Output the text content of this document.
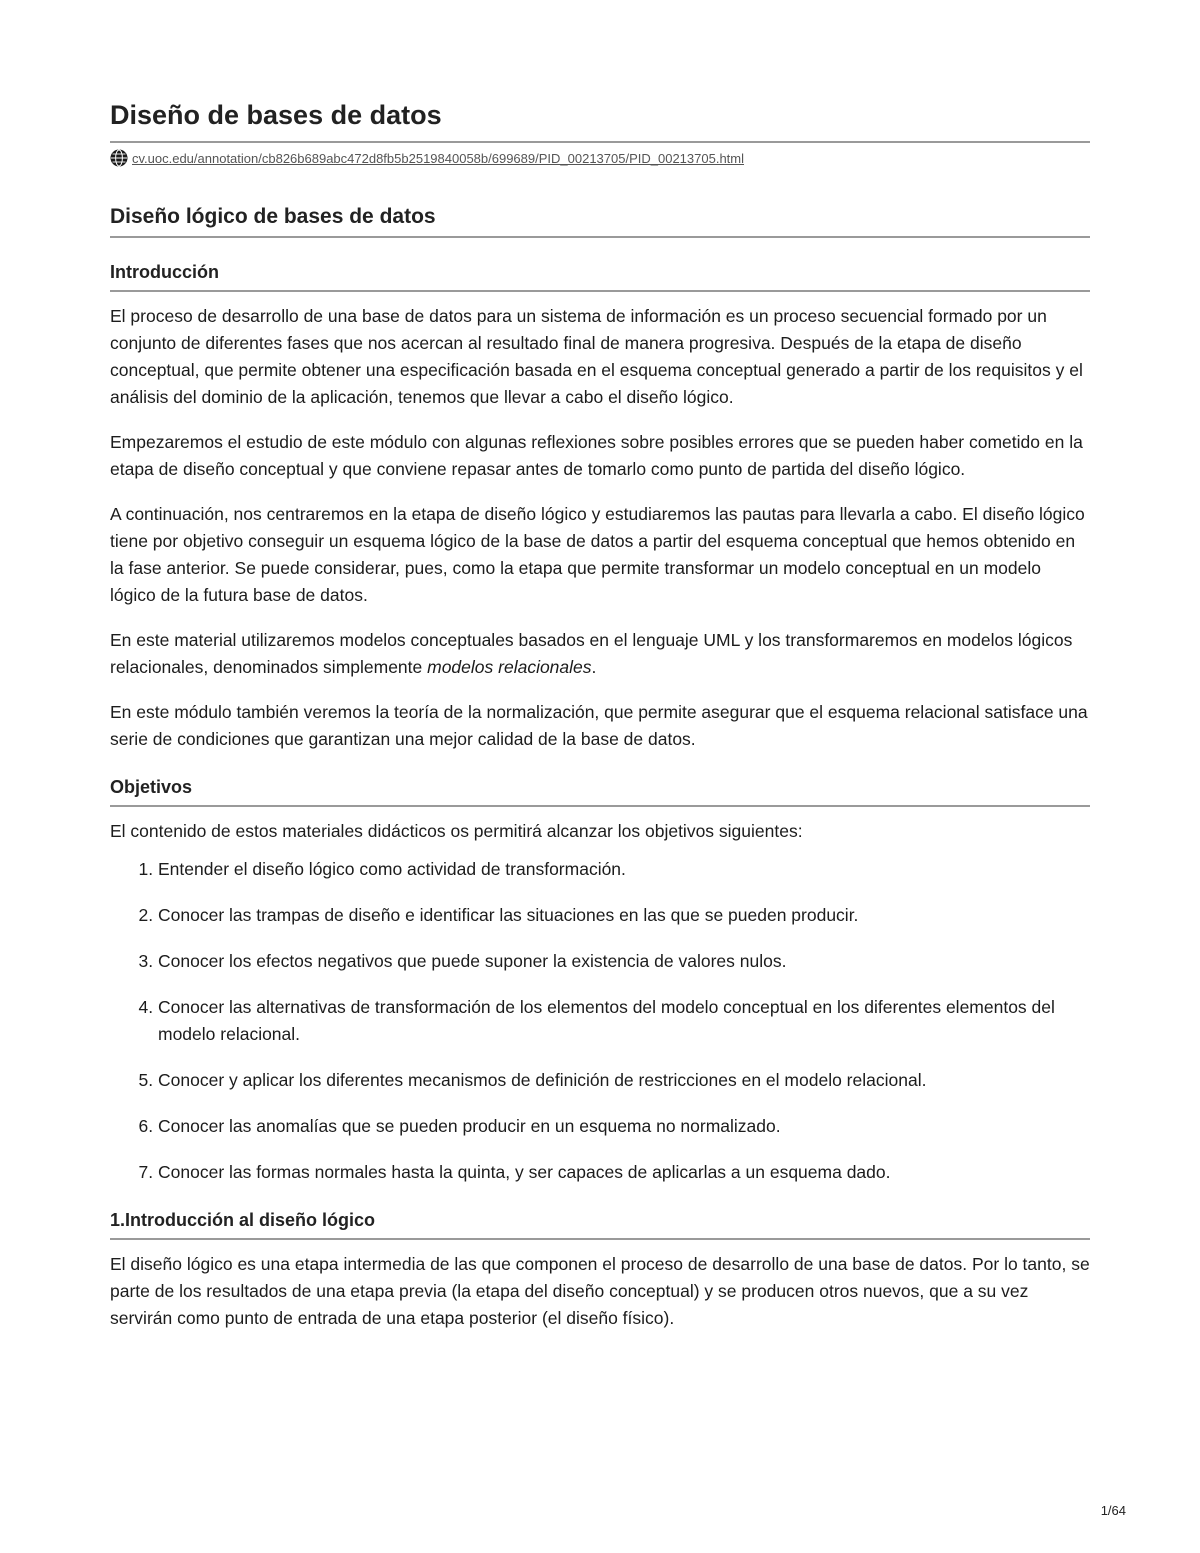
Diseño de bases de datos
cv.uoc.edu/annotation/cb826b689abc472d8fb5b2519840058b/699689/PID_00213705/PID_00213705.html
Diseño lógico de bases de datos
Introducción

El proceso de desarrollo de una base de datos para un sistema de información es un proceso secuencial formado por un conjunto de diferentes fases que nos acercan al resultado final de manera progresiva. Después de la etapa de diseño conceptual, que permite obtener una especificación basada en el esquema conceptual generado a partir de los requisitos y el análisis del dominio de la aplicación, tenemos que llevar a cabo el diseño lógico.

Empezaremos el estudio de este módulo con algunas reflexiones sobre posibles errores que se pueden haber cometido en la etapa de diseño conceptual y que conviene repasar antes de tomarlo como punto de partida del diseño lógico.

A continuación, nos centraremos en la etapa de diseño lógico y estudiaremos las pautas para llevarla a cabo. El diseño lógico tiene por objetivo conseguir un esquema lógico de la base de datos a partir del esquema conceptual que hemos obtenido en la fase anterior. Se puede considerar, pues, como la etapa que permite transformar un modelo conceptual en un modelo lógico de la futura base de datos.

En este material utilizaremos modelos conceptuales basados en el lenguaje UML y los transformaremos en modelos lógicos relacionales, denominados simplemente modelos relacionales.

En este módulo también veremos la teoría de la normalización, que permite asegurar que el esquema relacional satisface una serie de condiciones que garantizan una mejor calidad de la base de datos.

Objetivos

El contenido de estos materiales didácticos os permitirá alcanzar los objetivos siguientes:

1. Entender el diseño lógico como actividad de transformación.
2. Conocer las trampas de diseño e identificar las situaciones en las que se pueden producir.
3. Conocer los efectos negativos que puede suponer la existencia de valores nulos.
4. Conocer las alternativas de transformación de los elementos del modelo conceptual en los diferentes elementos del modelo relacional.
5. Conocer y aplicar los diferentes mecanismos de definición de restricciones en el modelo relacional.
6. Conocer las anomalías que se pueden producir en un esquema no normalizado.
7. Conocer las formas normales hasta la quinta, y ser capaces de aplicarlas a un esquema dado.
1.Introducción al diseño lógico

El diseño lógico es una etapa intermedia de las que componen el proceso de desarrollo de una base de datos. Por lo tanto, se parte de los resultados de una etapa previa (la etapa del diseño conceptual) y se producen otros nuevos, que a su vez servirán como punto de entrada de una etapa posterior (el diseño físico).

1/64
